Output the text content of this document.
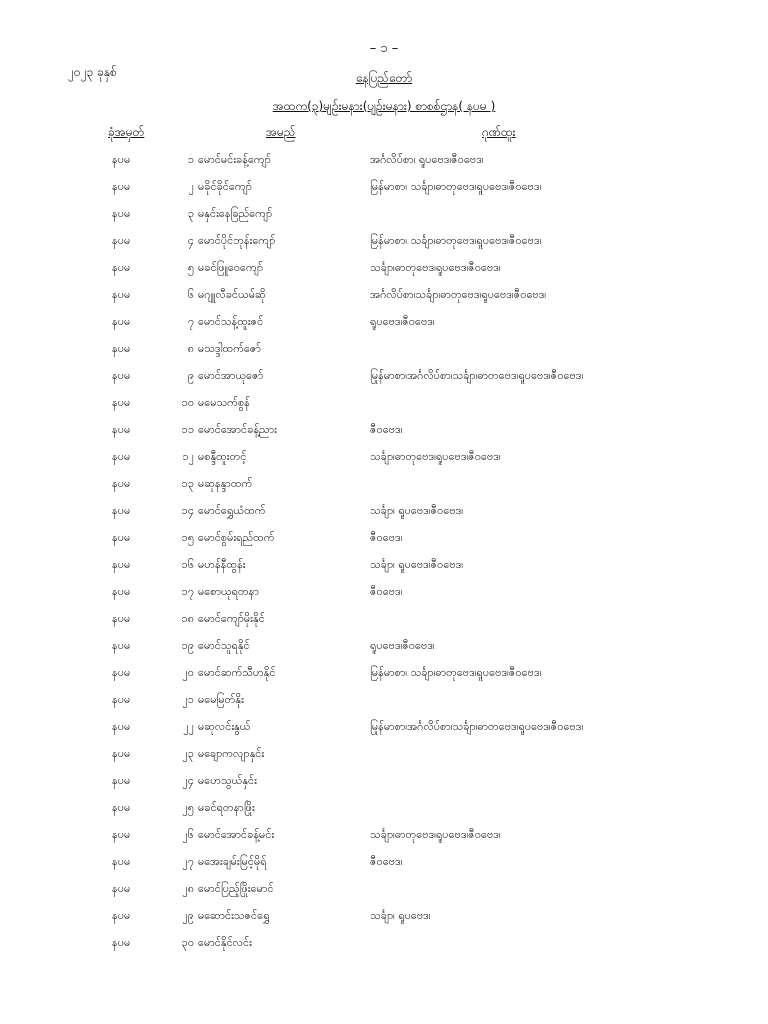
– ၁ –
၂၀၂၃ ခုနှစ်	နေပြည်တော်
အထက(၃)မျဉ်းမနား(ပျဉ်းမနား) စာစစ်ဌာန( နပမ )
ခုံအမှတ်	အမည်	ဂုဏ်ထူး
နပမ	၁ မောင်မင်းခန့်ကျော်	အင်္ဂလိပ်စာ၊ ရူပဗေဒ၊ဇီဝဗေဒ၊
နပမ	၂ မခိုင်ခိုင်ကျော်	မြန်မာစာ၊ သင်္ချာ၊ဓာတုဗေဒ၊ရူပဗေဒ၊ဇီဝဗေဒ၊
နပမ	၃ မနှင်းနေခြည်ကျော်
နပမ	၄ မောင်ပိုင်ဘုန်းကျော်	မြန်မာစာ၊ သင်္ချာ၊ဓာတုဗေဒ၊ရူပဗေဒ၊ဇီဝဗေဒ၊
နပမ	၅ မခင်ဖြူဝေကျော်	သင်္ချာ၊ဓာတုဗေဒ၊ရူပဗေဒ၊ဇီဝဗေဒ၊
နပမ	၆ မဂျူလီခင်ယမ်ဆို	အင်္ဂလိပ်စာ၊သင်္ချာ၊ဓာတုဗေဒ၊ရူပဗေဒ၊ဇီဝဗေဒ၊
နပမ	၇ မောင်သန့်ထူးဇင်	ရူပဗေဒ၊ဇီဝဗေဒ၊
နပမ	၈ မသဒ္ဒါထက်ဇော်
နပမ	၉ မောင်အာယုဇော်	မြန်မာစာ၊အင်္ဂလိပ်စာ၊သင်္ချာ၊ဓာတုဗေဒ၊ရူပဗေဒ၊ဇီဝဗေဒ၊
နပမ	၁၀ မမေသက်စွန်
နပမ	၁၁ မောင်အောင်ခန့်ညား	ဇီဝဗေဒ၊
နပမ	၁၂ မစန္ဒီထူးတင့်	သင်္ချာ၊ဓာတုဗေဒ၊ရူပဗေဒ၊ဇီဝဗေဒ၊
နပမ	၁၃ မဆုနန္ဒာထက်
နပမ	၁၄ မောင်ရွှေယံထက်	သင်္ချာ၊ ရူပဗေဒ၊ဇီဝဗေဒ၊
နပမ	၁၅ မောင်စွမ်းရည်ထက်	ဇီဝဗေဒ၊
နပမ	၁၆ မဟန်နီထွန်း	သင်္ချာ၊ ရူပဗေဒ၊ဇီဝဗေဒ၊
နပမ	၁၇ မစောယုရတနာ	ဇီဝဗေဒ၊
နပမ	၁၈ မောင်ကျော်မိုးနိုင်
နပမ	၁၉ မောင်သူရနိုင်	ရူပဗေဒ၊ဇီဝဗေဒ၊
နပမ	၂၀ မောင်ဆက်သီဟနိုင်	မြန်မာစာ၊ သင်္ချာ၊ဓာတုဗေဒ၊ရူပဗေဒ၊ဇီဝဗေဒ၊
နပမ	၂၁ မမေမြတ်နိုး
နပမ	၂၂ မဆုလင်းနွယ်	မြန်မာစာ၊အင်္ဂလိပ်စာ၊သင်္ချာ၊ဓာတုဗေဒ၊ရူပဗေဒ၊ဇီဝဗေဒ၊
နပမ	၂၃ မချောကလျာနှင်း
နပမ	၂၄ မဟေသွယ်နှင်း
နပမ	၂၅ မခင်ရတနာဖြိုး
နပမ	၂၆ မောင်အောင်ခန့်မင်း	သင်္ချာ၊ဓာတုဗေဒ၊ရူပဗေဒ၊ဇီဝဗေဒ၊
နပမ	၂၇ မအေးချမ်းမြင့်မိုရ်	ဇီဝဗေဒ၊
နပမ	၂၈ မောင်ပြည့်ဖြိုးမောင်
နပမ	၂၉ မဆောင်းသဇင်ရွှေ	သင်္ချာ၊ ရူပဗေဒ၊
နပမ	၃၀ မောင်နိုင်လင်း
